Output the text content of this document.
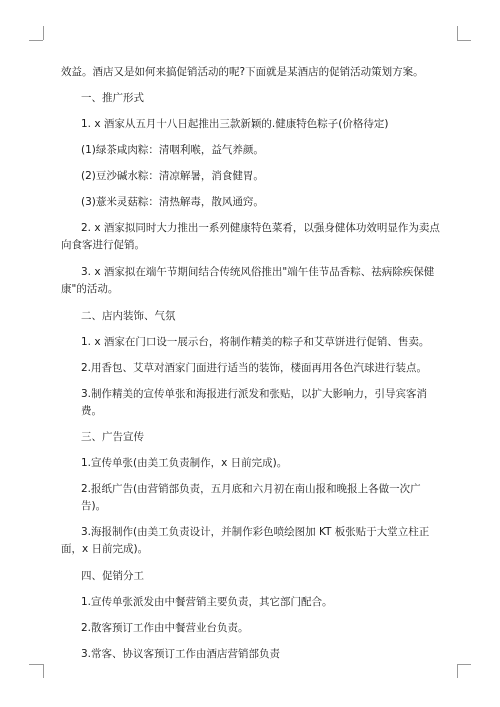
效益。酒店又是如何来搞促销活动的呢?下面就是某酒店的促销活动策划方案。

一、推广形式

1. x 酒家从五月十八日起推出三款新颖的.健康特色粽子(价格待定)

(1)绿茶咸肉粽：清咽利喉，益气养颜。

(2)豆沙碱水粽：清凉解暑，消食健胃。

(3)薏米灵菇粽：清热解毒，散风通窍。

2. x 酒家拟同时大力推出一系列健康特色菜肴，以强身健体功效明显作为卖点向食客进行促销。

3. x 酒家拟在端午节期间结合传统风俗推出"端午佳节品香粽、祛病除疾保健康"的活动。

二、店内装饰、气氛

1. x 酒家在门口设一展示台，将制作精美的粽子和艾草饼进行促销、售卖。

2.用香包、艾草对酒家门面进行适当的装饰，楼面再用各色汽球进行装点。

3.制作精美的宣传单张和海报进行派发和张贴，以扩大影响力，引导宾客消费。

三、广告宣传

1.宣传单张(由美工负责制作，x 日前完成)。

2.报纸广告(由营销部负责，五月底和六月初在南山报和晚报上各做一次广告)。

3.海报制作(由美工负责设计，并制作彩色喷绘图加 KT 板张贴于大堂立柱正面，x 日前完成)。

四、促销分工

1.宣传单张派发由中餐营销主要负责，其它部门配合。

2.散客预订工作由中餐营业台负责。

3.常客、协议客预订工作由酒店营销部负责
